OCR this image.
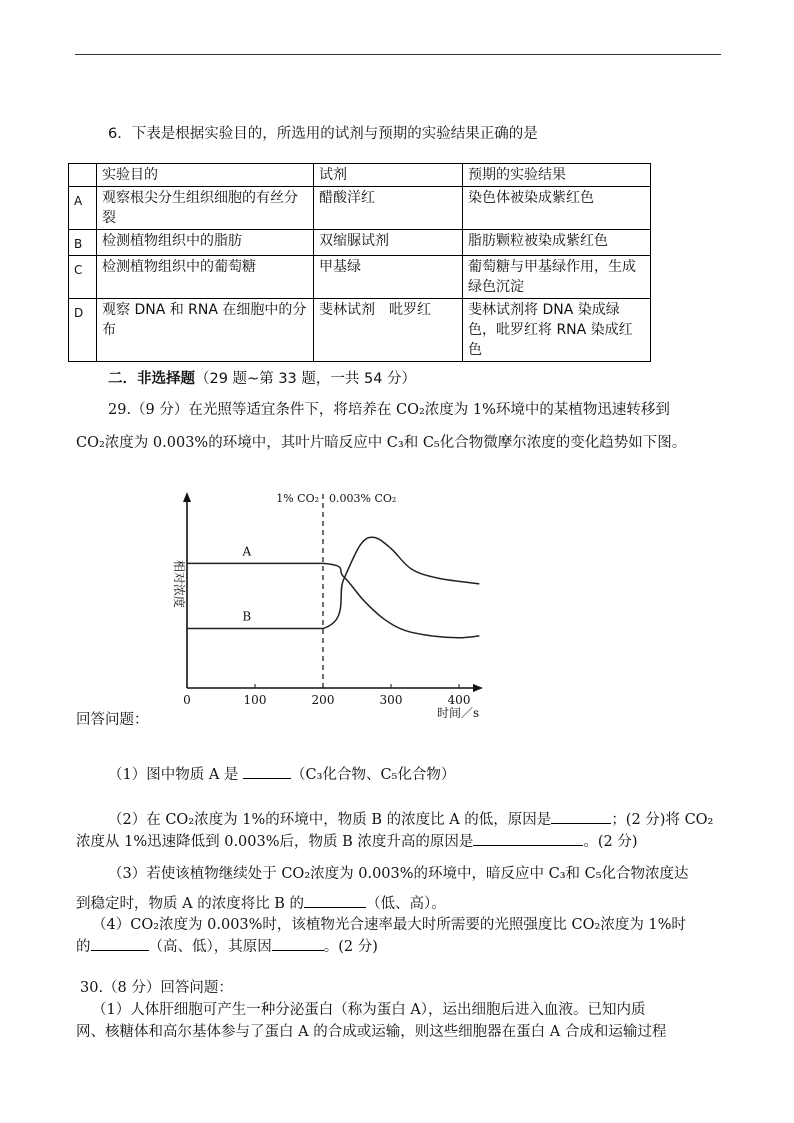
6．下表是根据实验目的，所选用的试剂与预期的实验结果正确的是
	实验目的	试剂	预期的实验结果
A	观察根尖分生组织细胞的有丝分裂	醋酸洋红	染色体被染成紫红色
B	检测植物组织中的脂肪	双缩脲试剂	脂肪颗粒被染成紫红色
C	检测植物组织中的葡萄糖	甲基绿	葡萄糖与甲基绿作用，生成绿色沉淀
D	观察 DNA 和 RNA 在细胞中的分布	斐林试剂　吡罗红	斐林试剂将 DNA 染成绿色，吡罗红将 RNA 染成红色
二．非选择题（29 题~第 33 题，一共 54 分）
29.（9 分）在光照等适宜条件下，将培养在 CO₂浓度为 1%环境中的某植物迅速转移到
CO₂浓度为 0.003%的环境中，其叶片暗反应中 C₃和 C₅化合物微摩尔浓度的变化趋势如下图。
0	100	200	300	400
时间／s
相对浓度
1% CO₂ 0.003% CO₂
A
B
回答问题：
（1）图中物质 A 是	（C₃化合物、C₅化合物）
（2）在 CO₂浓度为 1%的环境中，物质 B 的浓度比 A 的低，原因是	；(2 分)将 CO₂
浓度从 1%迅速降低到 0.003%后，物质 B 浓度升高的原因是	。(2 分)
（3）若使该植物继续处于 CO₂浓度为 0.003%的环境中，暗反应中 C₃和 C₅化合物浓度达
到稳定时，物质 A 的浓度将比 B 的	（低、高）。
（4）CO₂浓度为 0.003%时，该植物光合速率最大时所需要的光照强度比 CO₂浓度为 1%时
的	（高、低），其原因	。(2 分)
30.（8 分）回答问题：
（1）人体肝细胞可产生一种分泌蛋白（称为蛋白 A），运出细胞后进入血液。已知内质
网、核糖体和高尔基体参与了蛋白 A 的合成或运输，则这些细胞器在蛋白 A 合成和运输过程
